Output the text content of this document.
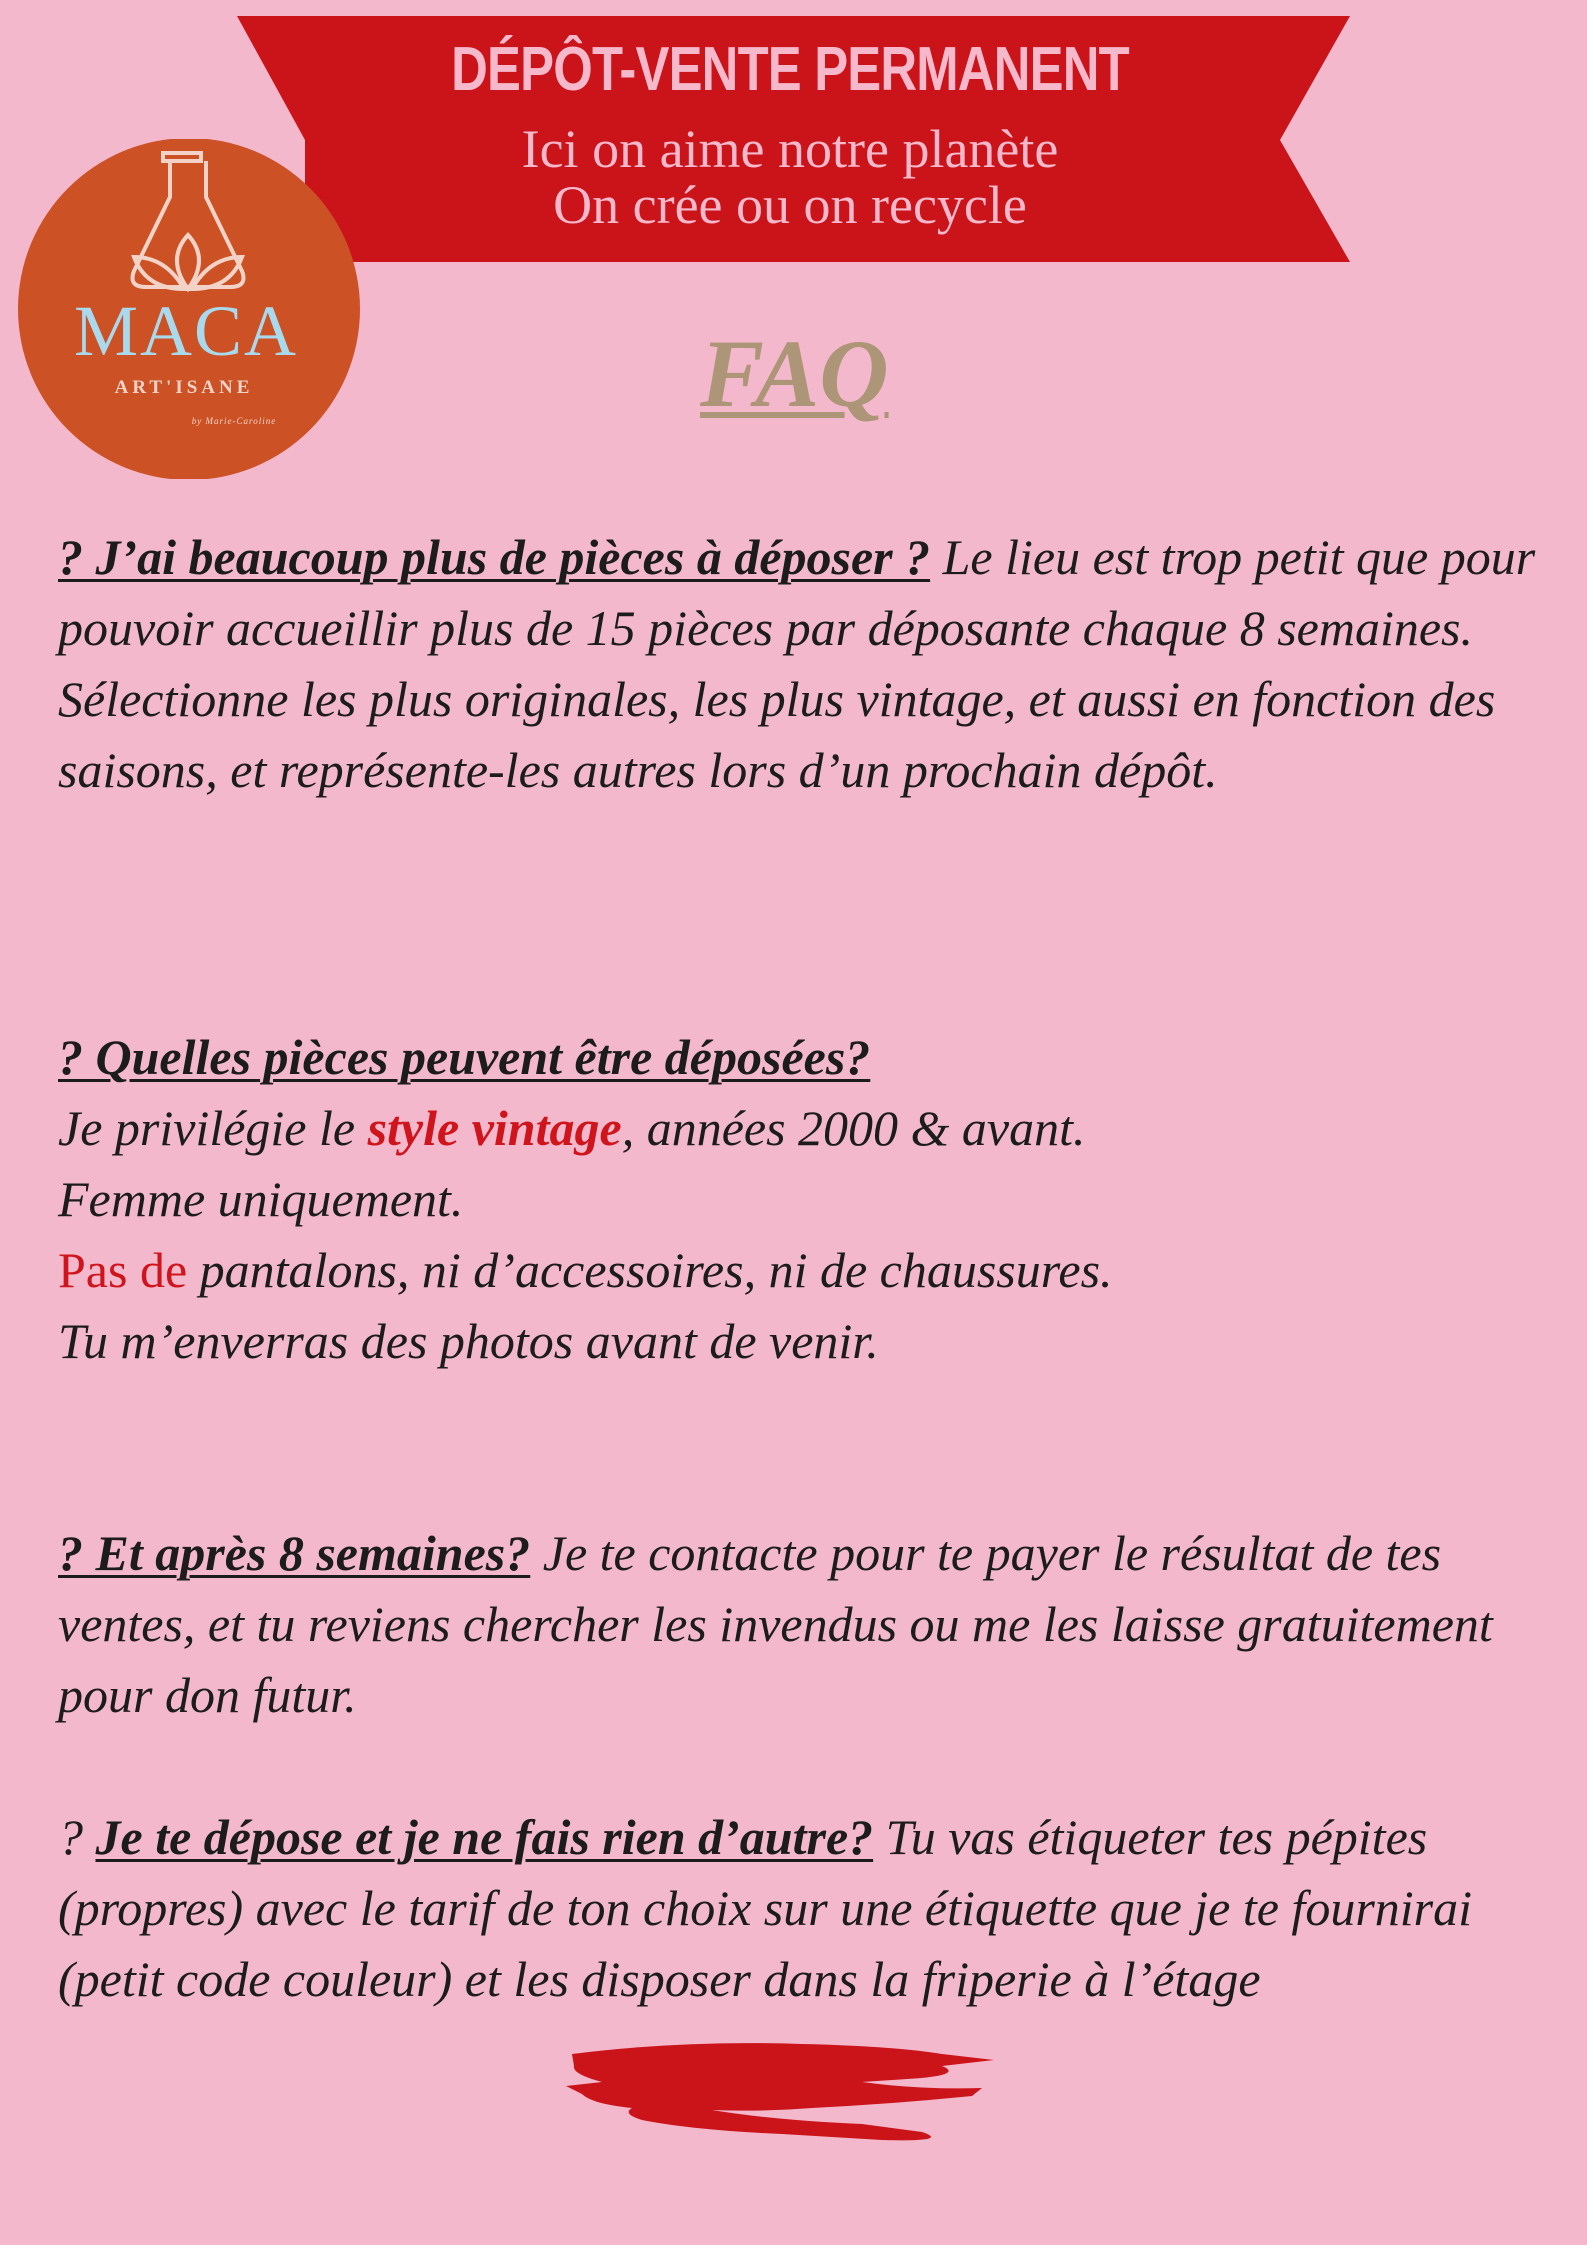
DÉPÔT-VENTE PERMANENT
Ici on aime notre planète
On crée ou on recycle
MACA
ART'ISANE
by Marie-Caroline	FAQ
? J’ai beaucoup plus de pièces à déposer ? Le lieu est trop petit que pour pouvoir accueillir plus de 15 pièces par déposante chaque 8 semaines. Sélectionne les plus originales, les plus vintage, et aussi en fonction des saisons, et représente-les autres lors d’un prochain dépôt.
? Quelles pièces peuvent être déposées?
Je privilégie le style vintage, années 2000 & avant.
Femme uniquement.
Pas de pantalons, ni d’accessoires, ni de chaussures.
Tu m’enverras des photos avant de venir.
? Et après 8 semaines? Je te contacte pour te payer le résultat de tes ventes, et tu reviens chercher les invendus ou me les laisse gratuitement pour don futur.
? Je te dépose et je ne fais rien d’autre? Tu vas étiqueter tes pépites (propres) avec le tarif de ton choix sur une étiquette que je te fournirai (petit code couleur) et les disposer dans la friperie à l’étage
